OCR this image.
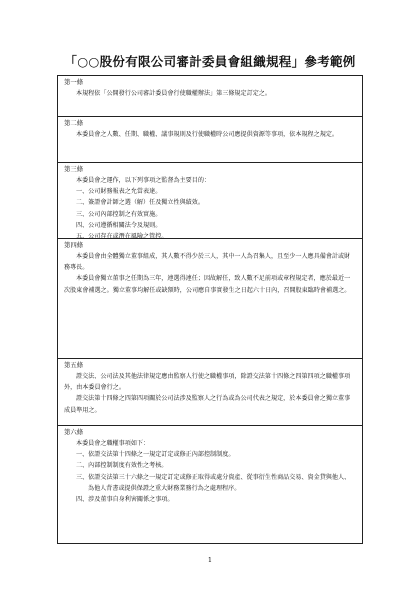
「○○股份有限公司審計委員會組織規程」參考範例
第一條

本規程依「公開發行公司審計委員會行使職權辦法」第三條規定訂定之。

第二條

本委員會之人數、任期、職權、議事規則及行使職權時公司應提供資源等事項，依本規程之規定。

第三條

本委員會之運作，以下列事項之監督為主要目的：

一、公司財務報表之允當表達。

二、簽證會計師之選（解）任及獨立性與績效。

三、公司內部控制之有效實施。

四、公司遵循相關法令及規則。

五、公司存在或潛在風險之管控。

第四條

本委員會由全體獨立董事組成，其人數不得少於三人，其中一人為召集人，且至少一人應具備會計或財務專長。

本委員會獨立董事之任期為三年，連選得連任；因故解任，致人數不足前項或章程規定者，應於最近一次股東會補選之。獨立董事均解任或缺額時，公司應自事實發生之日起六十日內，召開股東臨時會補選之。

第五條

證交法、公司法及其他法律規定應由監察人行使之職權事項，除證交法第十四條之四第四項之職權事項外，由本委員會行之。

證交法第十四條之四第四項關於公司法涉及監察人之行為或為公司代表之規定，於本委員會之獨立董事成員準用之。

第六條

本委員會之職權事項如下：

一、依證交法第十四條之一規定訂定或修正內部控制制度。

二、內部控制制度有效性之考核。

三、依證交法第三十六條之一規定訂定或修正取得或處分資產、從事衍生性商品交易、資金貸與他人、為他人背書或提供保證之重大財務業務行為之處理程序。

四、涉及董事自身利害關係之事項。

1
